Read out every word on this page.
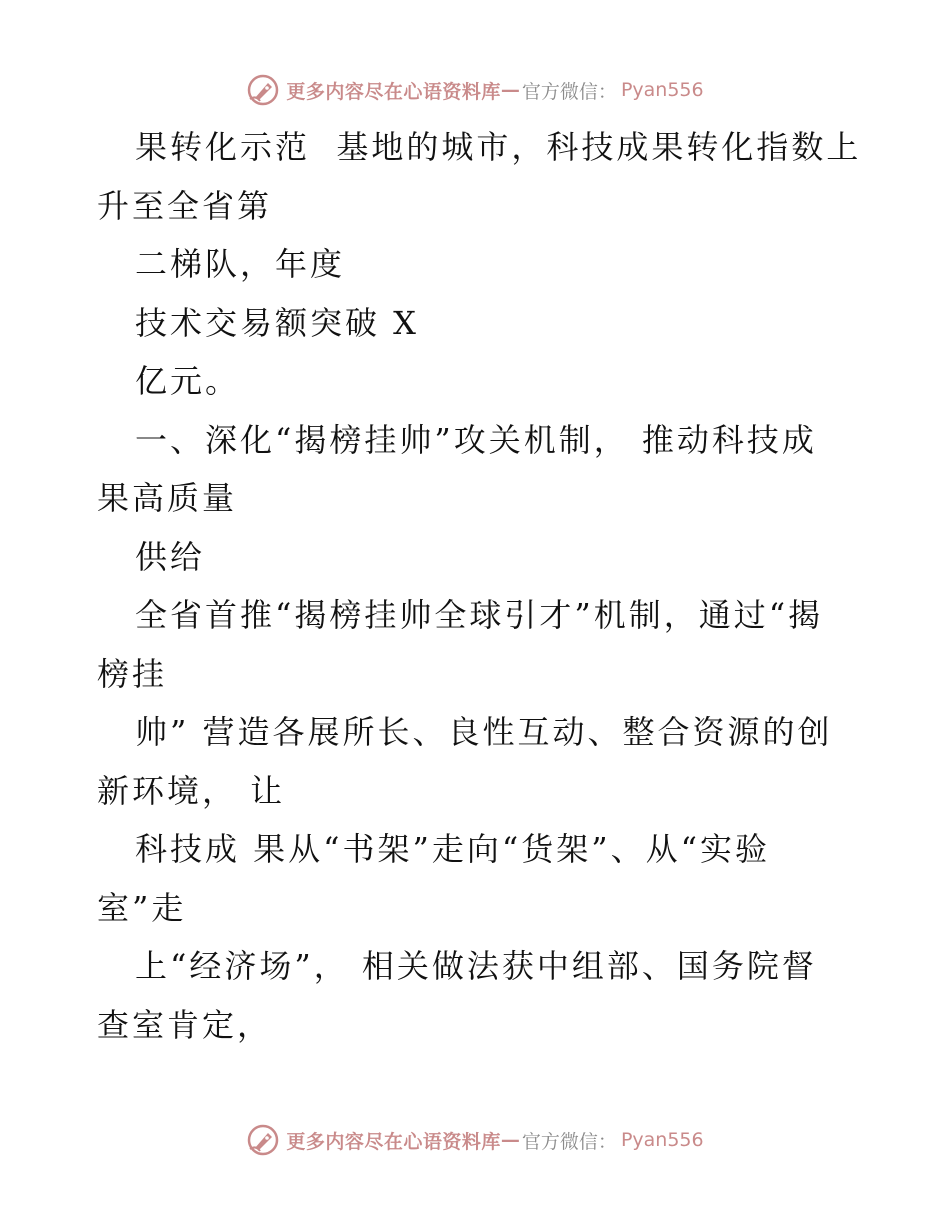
更多内容尽在心语资料库 — 官方微信： Pyan556
果转化示范  基地的城市，科技成果转化指数上
升至全省第
二梯队，年度
技术交易额突破 X
亿元。
一、深化“揭榜挂帅”攻关机制， 推动科技成
果高质量
供给
全省首推“揭榜挂帅全球引才”机制，通过“揭
榜挂
帅” 营造各展所长、良性互动、整合资源的创
新环境， 让
科技成 果从“书架”走向“货架”、从“实验
室”走
上“经济场”， 相关做法获中组部、国务院督
查室肯定，
更多内容尽在心语资料库 — 官方微信： Pyan556
